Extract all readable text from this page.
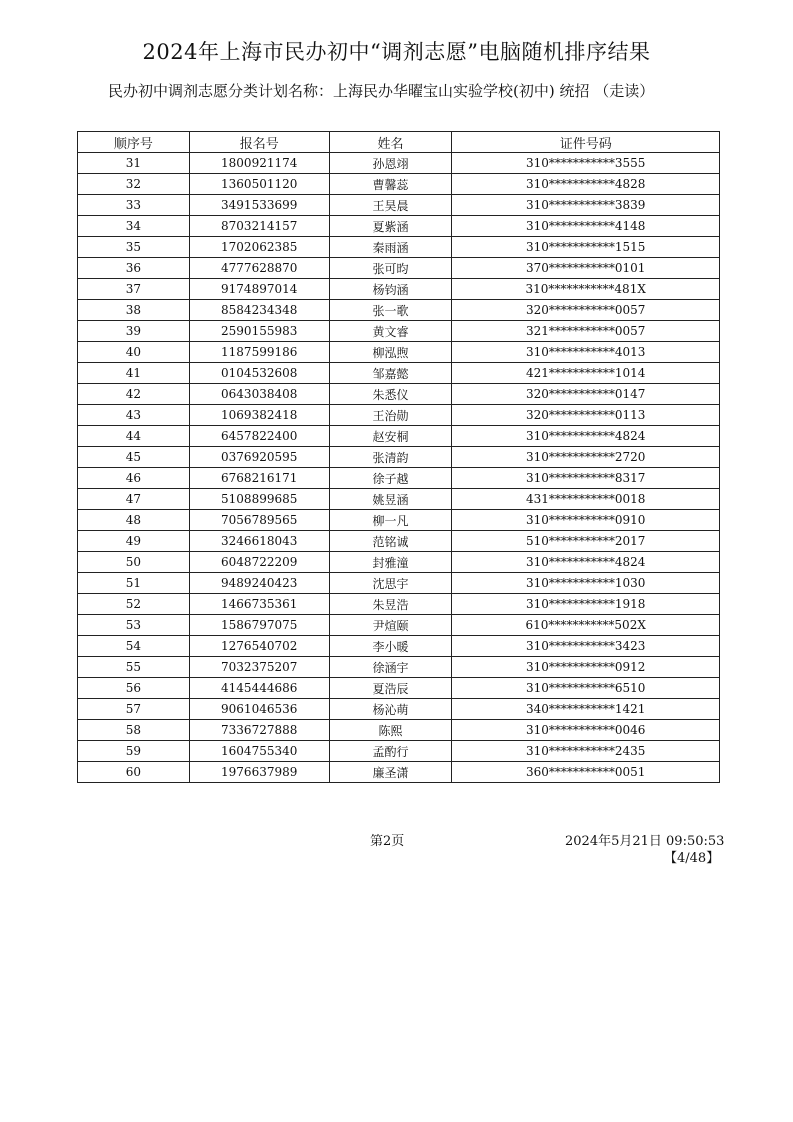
2024年上海市民办初中“调剂志愿”电脑随机排序结果
民办初中调剂志愿分类计划名称：上海民办华曜宝山实验学校(初中) 统招 （走读）
顺序号	报名号	姓名	证件号码
31	1800921174	孙恩翊	310***********3555
32	1360501120	曹馨蕊	310***********4828
33	3491533699	王昊晨	310***********3839
34	8703214157	夏紫涵	310***********4148
35	1702062385	秦雨涵	310***********1515
36	4777628870	张可昀	370***********0101
37	9174897014	杨钧涵	310***********481X
38	8584234348	张一歌	320***********0057
39	2590155983	黄文睿	321***********0057
40	1187599186	柳泓煦	310***********4013
41	0104532608	邹嘉懿	421***********1014
42	0643038408	朱悉仪	320***********0147
43	1069382418	王治勋	320***********0113
44	6457822400	赵安桐	310***********4824
45	0376920595	张清韵	310***********2720
46	6768216171	徐子越	310***********8317
47	5108899685	姚昱涵	431***********0018
48	7056789565	柳一凡	310***********0910
49	3246618043	范铭诚	510***********2017
50	6048722209	封雅潼	310***********4824
51	9489240423	沈思宇	310***********1030
52	1466735361	朱昱浩	310***********1918
53	1586797075	尹煊颐	610***********502X
54	1276540702	李小暖	310***********3423
55	7032375207	徐涵宇	310***********0912
56	4145444686	夏浩辰	310***********6510
57	9061046536	杨沁萌	340***********1421
58	7336727888	陈熙	310***********0046
59	1604755340	孟酌行	310***********2435
60	1976637989	廉圣潇	360***********0051
第2页	2024年5月21日 09:50:53
【4/48】
